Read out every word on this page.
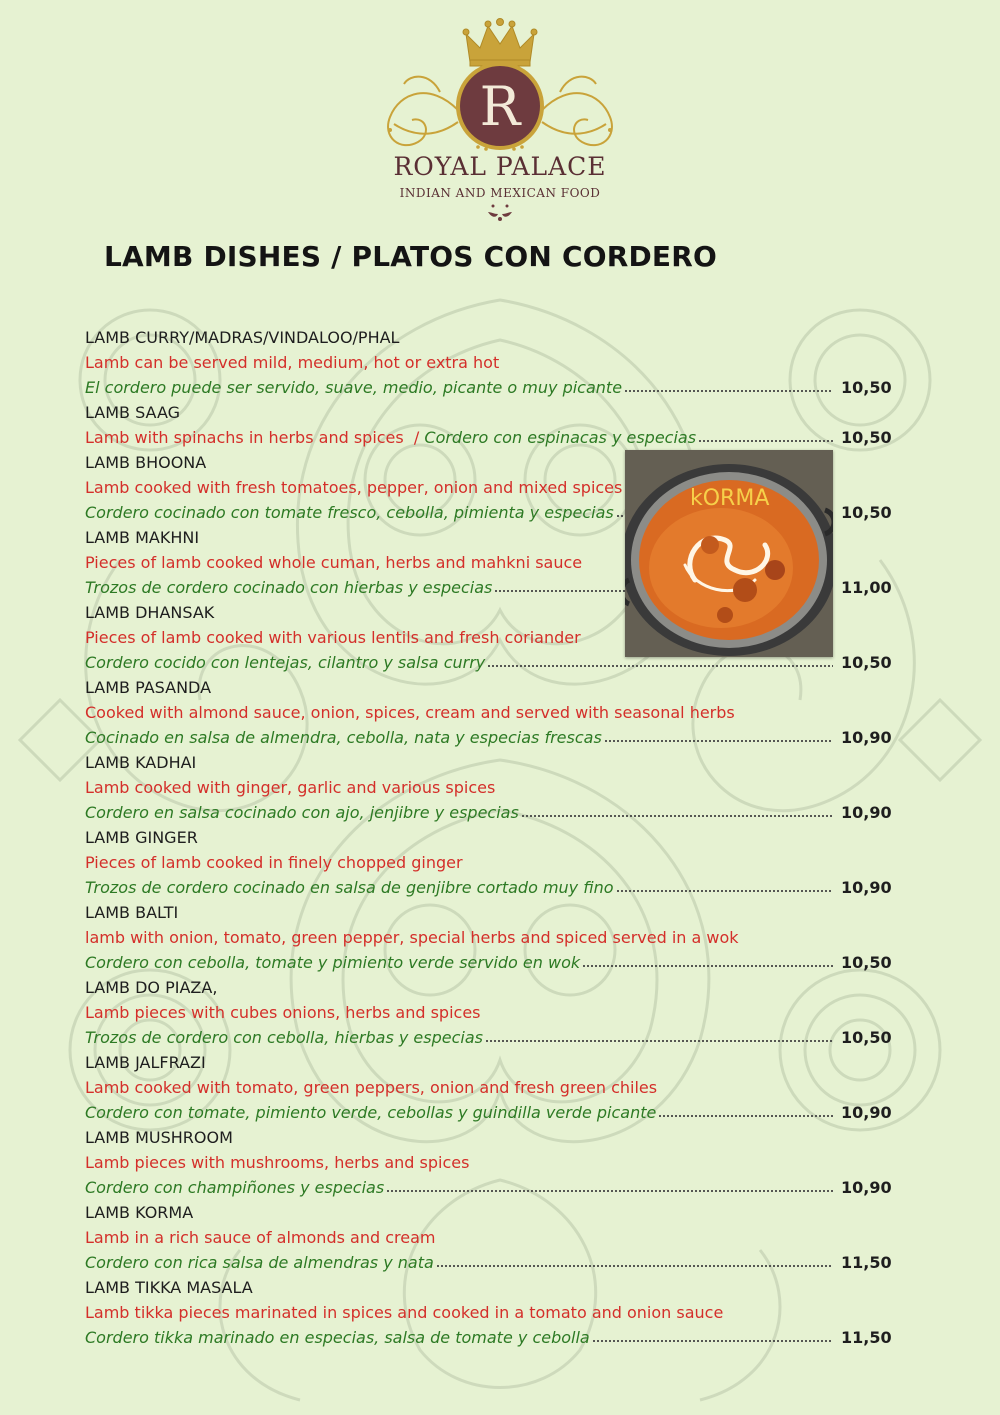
R
ROYAL PALACE
INDIAN AND MEXICAN FOOD
LAMB DISHES / PLATOS CON CORDERO
LAMB CURRY/MADRAS/VINDALOO/PHAL
Lamb can be served mild, medium, hot or extra hot
El cordero puede ser servido, suave, medio, picante o muy picante	10,50
LAMB SAAG
Lamb with spinachs in herbs and spices  / Cordero con espinacas y especias	10,50
LAMB BHOONA
Lamb cooked with fresh tomatoes, pepper, onion and mixed spices
Cordero cocinado con tomate fresco, cebolla, pimienta y especias	10,50
LAMB MAKHNI
Pieces of lamb cooked whole cuman, herbs and mahkni sauce
Trozos de cordero cocinado con hierbas y especias	11,00
LAMB DHANSAK
Pieces of lamb cooked with various lentils and fresh coriander
Cordero cocido con lentejas, cilantro y salsa curry	10,50
LAMB PASANDA
Cooked with almond sauce, onion, spices, cream and served with seasonal herbs
Cocinado en salsa de almendra, cebolla, nata y especias frescas	10,90
LAMB KADHAI
Lamb cooked with ginger, garlic and various spices
Cordero en salsa cocinado con ajo, jenjibre y especias	10,90
LAMB GINGER
Pieces of lamb cooked in finely chopped ginger
Trozos de cordero cocinado en salsa de genjibre cortado muy fino	10,90
LAMB BALTI
lamb with onion, tomato, green pepper, special herbs and spiced served in a wok
Cordero con cebolla, tomate y pimiento verde servido en wok	10,50
LAMB DO PIAZA,
Lamb pieces with cubes onions, herbs and spices
Trozos de cordero con cebolla, hierbas y especias	10,50
LAMB JALFRAZI
Lamb cooked with tomato, green peppers, onion and fresh green chiles
Cordero con tomate, pimiento verde, cebollas y guindilla verde picante	10,90
LAMB MUSHROOM
Lamb pieces with mushrooms, herbs and spices
Cordero con champiñones y especias	10,90
LAMB KORMA
Lamb in a rich sauce of almonds and cream
Cordero con rica salsa de almendras y nata	11,50
LAMB TIKKA MASALA
Lamb tikka pieces marinated in spices and cooked in a tomato and onion sauce
Cordero tikka marinado en especias, salsa de tomate y cebolla	11,50
kORMA
